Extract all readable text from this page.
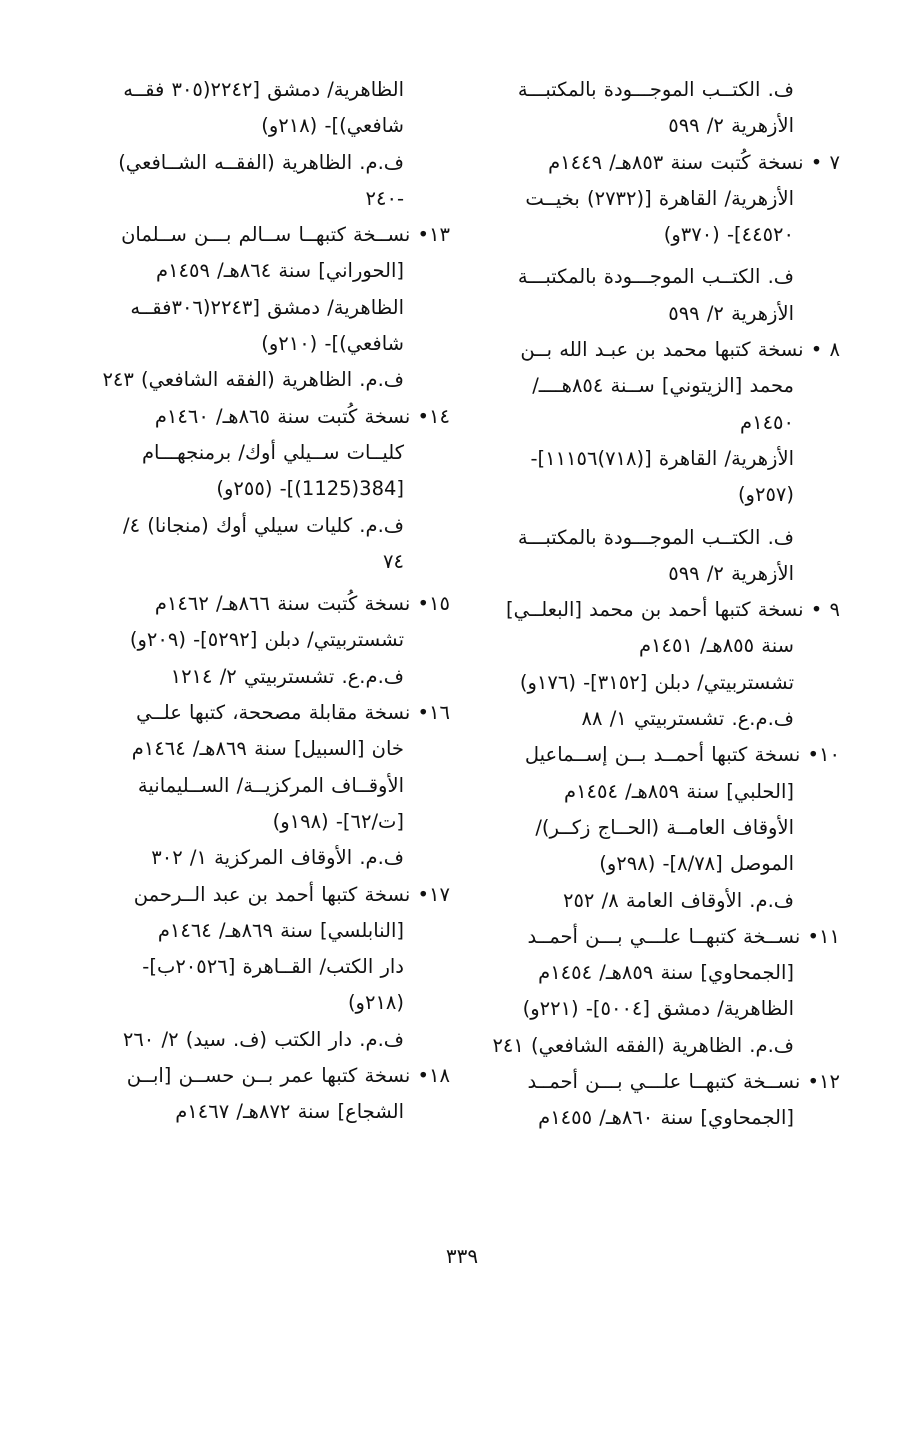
ف. الكتــب الموجـــودة بالمكتبـــة

الأزهرية ٢/ ٥٩٩

٧ • نسخة كُتبت سنة ٨٥٣هـ/ ١٤٤٩م

الأزهرية/ القاهرة [(٢٧٣٢) بخيــت

٤٤٥٢٠]- (٣٧٠و)

ف. الكتــب الموجـــودة بالمكتبـــة

الأزهرية ٢/ ٥٩٩

٨ • نسخة كتبها محمد بن عبـد الله بــن

محمد [الزيتوني] ســنة ٨٥٤هــــ/

١٤٥٠م

الأزهرية/ القاهرة [(٧١٨)١١١٥٦]-

(٢٥٧و)

ف. الكتــب الموجـــودة بالمكتبـــة

الأزهرية ٢/ ٥٩٩

٩ • نسخة كتبها أحمد بن محمد [البعلــي]

سنة ٨٥٥هـ/ ١٤٥١م

تشستربيتي/ دبلن [٣١٥٢]- (١٧٦و)

ف.م.ع. تشستربيتي ١/ ٨٨

١٠• نسخة كتبها أحمــد بــن إســماعيل

[الحلبي] سنة ٨٥٩هـ/ ١٤٥٤م

الأوقاف العامــة (الحــاج زكــر)/

الموصل [٨/٧٨]- (٢٩٨و)

ف.م. الأوقاف العامة ٨/ ٢٥٢

١١• نســخة كتبهــا علـــي بـــن أحمــد

[الجمحاوي] سنة ٨٥٩هـ/ ١٤٥٤م

الظاهرية/ دمشق [٥٠٠٤]- (٢٢١و)

ف.م. الظاهرية (الفقه الشافعي) ٢٤١

١٢• نســخة كتبهــا علـــي بـــن أحمــد

[الجمحاوي] سنة ٨٦٠هـ/ ١٤٥٥م

الظاهرية/ دمشق [٢٢٤٢(٣٠٥ فقــه

شافعي)]- (٢١٨و)

ف.م. الظاهرية (الفقــه الشــافعي)

-٢٤٠

١٣• نســخة كتبهــا ســالم بـــن ســلمان

[الحوراني] سنة ٨٦٤هـ/ ١٤٥٩م

الظاهرية/ دمشق [٢٢٤٣(٣٠٦فقــه

شافعي)]- (٢١٠و)

ف.م. الظاهرية (الفقه الشافعي) ٢٤٣

١٤• نسخة كُتبت سنة ٨٦٥هـ/ ١٤٦٠م

كليــات ســيلي أوك/ برمنجهـــام

[384(1125)]- (٢٥٥و)

ف.م. كليات سيلي أوك (منجانا) ٤/

٧٤

١٥• نسخة كُتبت سنة ٨٦٦هـ/ ١٤٦٢م

تشستربيتي/ دبلن [٥٢٩٢]- (٢٠٩و)

ف.م.ع. تشستربيتي ٢/ ١٢١٤

١٦• نسخة مقابلة مصححة، كتبها علــي

خان [السبيل] سنة ٨٦٩هـ/ ١٤٦٤م

الأوقــاف المركزيــة/ الســليمانية

[ت/٦٢]- (١٩٨و)

ف.م. الأوقاف المركزية ١/ ٣٠٢

١٧• نسخة كتبها أحمد بن عبد الــرحمن

[النابلسي] سنة ٨٦٩هـ/ ١٤٦٤م

دار الكتب/ القــاهرة [٢٠٥٢٦ب]-

(٢١٨و)

ف.م. دار الكتب (ف. سيد) ٢/ ٢٦٠

١٨• نسخة كتبها عمر بــن حســن [ابــن

الشجاع] سنة ٨٧٢هـ/ ١٤٦٧م

٣٣٩
